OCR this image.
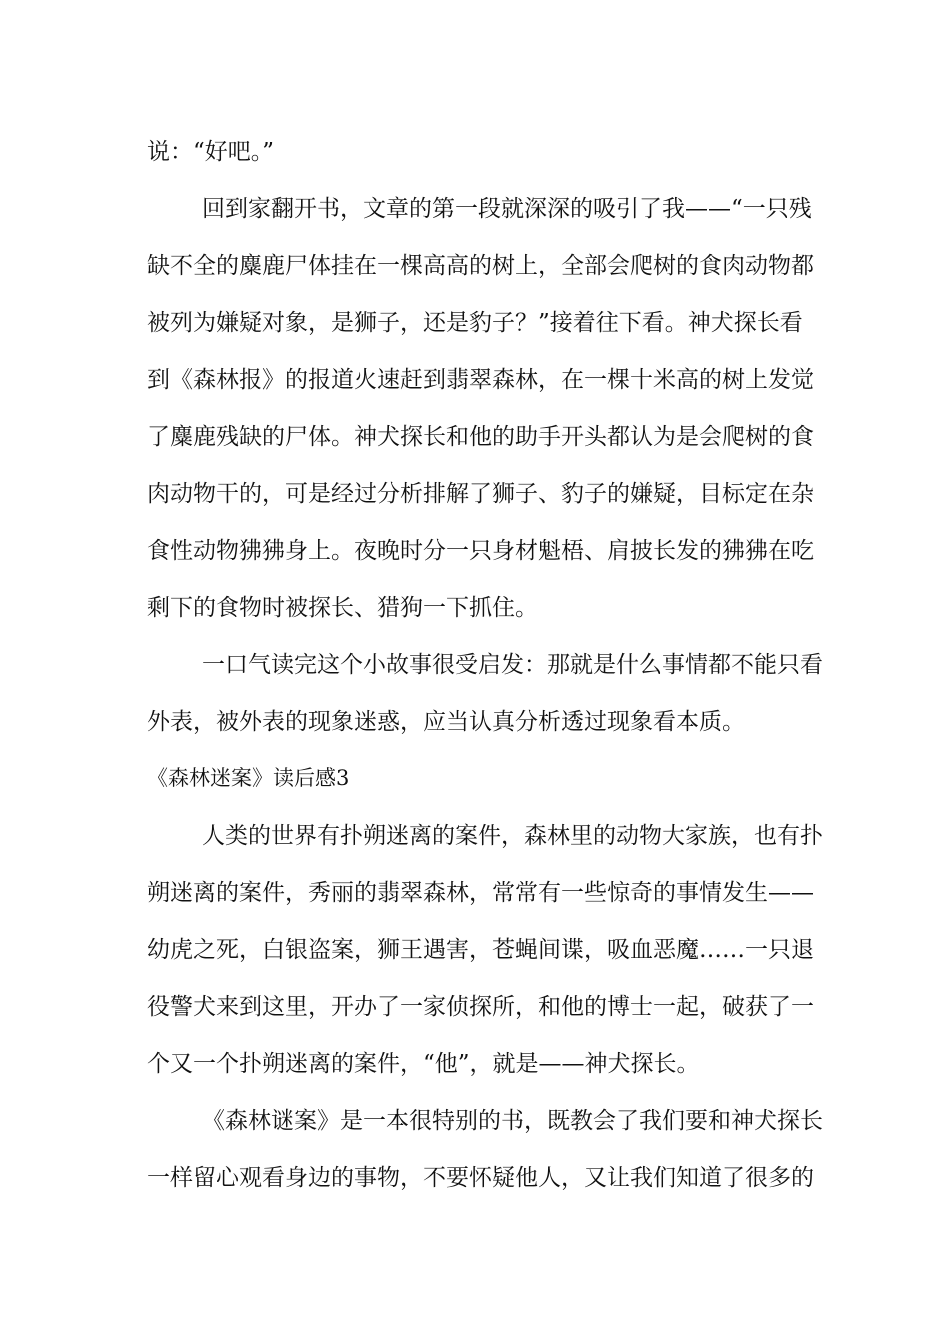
说：“好吧。”
回到家翻开书，文章的第一段就深深的吸引了我——“一只残
缺不全的麋鹿尸体挂在一棵高高的树上，全部会爬树的食肉动物都
被列为嫌疑对象，是狮子，还是豹子？”接着往下看。神犬探长看
到《森林报》的报道火速赶到翡翠森林，在一棵十米高的树上发觉
了麋鹿残缺的尸体。神犬探长和他的助手开头都认为是会爬树的食
肉动物干的，可是经过分析排解了狮子、豹子的嫌疑，目标定在杂
食性动物狒狒身上。夜晚时分一只身材魁梧、肩披长发的狒狒在吃
剩下的食物时被探长、猎狗一下抓住。
一口气读完这个小故事很受启发：那就是什么事情都不能只看
外表，被外表的现象迷惑，应当认真分析透过现象看本质。
《森林迷案》读后感3
人类的世界有扑朔迷离的案件，森林里的动物大家族，也有扑
朔迷离的案件，秀丽的翡翠森林，常常有一些惊奇的事情发生——
幼虎之死，白银盗案，狮王遇害，苍蝇间谍，吸血恶魔……一只退
役警犬来到这里，开办了一家侦探所，和他的博士一起，破获了一
个又一个扑朔迷离的案件，“他”，就是——神犬探长。
《森林谜案》是一本很特别的书，既教会了我们要和神犬探长
一样留心观看身边的事物，不要怀疑他人，又让我们知道了很多的
